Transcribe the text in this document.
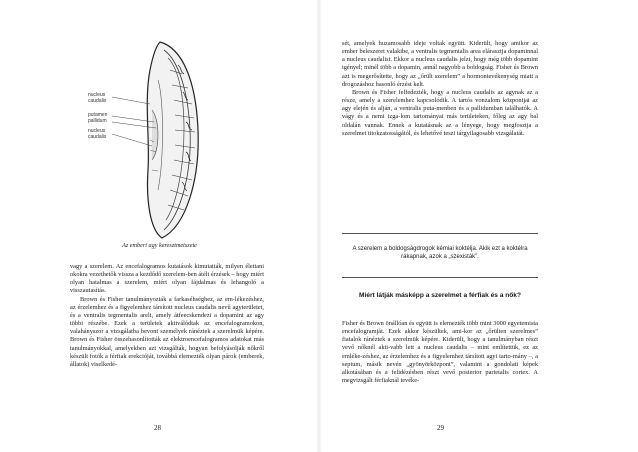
nucleus
caudalis
putamen
pallidum
nucleus
caudalis
Az emberi agy keresztmetszete

vagy a szerelem. Az encefalogramos kutatások kimutatták, milyen élettani okokra vezethetők vissza a kezdődő szerelem-ben átélt érzések – hogy miért olyan hatalmas a szerelem, miért olyan fájdalmas és lehangoló a visszautasítás.

Brown és Fisher tanulmányozták a farkaséhséghez, az em-lékezéshez, az érzelemhez és a figyelemhez társított nucleus caudalis nevű agyterületet, és a ventralis tegmentalis arelt, amely átfeecskendezi a dopamint az agy többi részébe. Ezek a területek aktiválódtak az encefalogramokon, valahányszor a vizsgálatba bevont személyek ránéztek a szerelmük képére. Brown és Fisher összehasonlították az elektroencefalogramos adatokat más tanulmányokkal, amelyekben azt vizsgálták, hogyan befolyásolják nőkről készült fotók a férfiak erekcióját, továbbá elemezték olyan párok (emberek, állatok) viselkedé-

28

sét, amelyek huzamosabb ideje voltak együtt. Kiderült, hogy amikor az ember beleszeret valakibe, a ventralis tegmentalis area elárasztja dopaminnal a nucleus caudalist. Ekkor a nucleus caudalis jelzi, hogy még több dopamint igényel; minél több a dopamin, annál nagyobb a boldogság. Fisher és Brown azt is megerősítette, hogy az „őrült szerelem” a hormontevékenység miatt a drogozáshoz hasonló érzést kelt.

Brown és Fisher felfedezték, hogy a nucleus caudalis az agynak az a része, amely a szerelemhez kapcsolódik. A tartós vonzalom központjai az agy elején és alján, a ventralis puta-menben és a pallidumban találhatók. A vágy és a nemi izga-lom tartományai más területeken, főleg az agy bal oldalán vannak. Ennek a kutatásnak az a lényege, hogy megfosztja a szerelmet titokzatosságától, és lehetővé teszi tárgyilagosabb vizsgálatát.

A szerelem a boldogságdrogok kémiai koktélja. Akik ezt a koktélra rákapnak, azok a „szexisták”.
Miért látják másképp a szerelmet a férfiak és a nők?

Fisher és Brown önállóan és együtt is elemezték több mint 3000 egyetemista encefalogramját. Ezek akkor készültek, ami-kor az „őrülten szerelmes” fiatalok ránéztek a szerelmük képére. Kiderült, hogy a tanulmányban részt vevő nőknél akti-vabb lett a nucleus caudalis – mint említettük, ez az emléke-zéshez, az érzelemhez és a figyelemhez társított agyi tarto-mány –, a septum, másik nevén „gyönyörközpont”, valamint a gondolati képek alkotásában és a felidézésben részt vevő posterior parietalis cortex. A megvizsgált férfiaknál tevéke-

29
